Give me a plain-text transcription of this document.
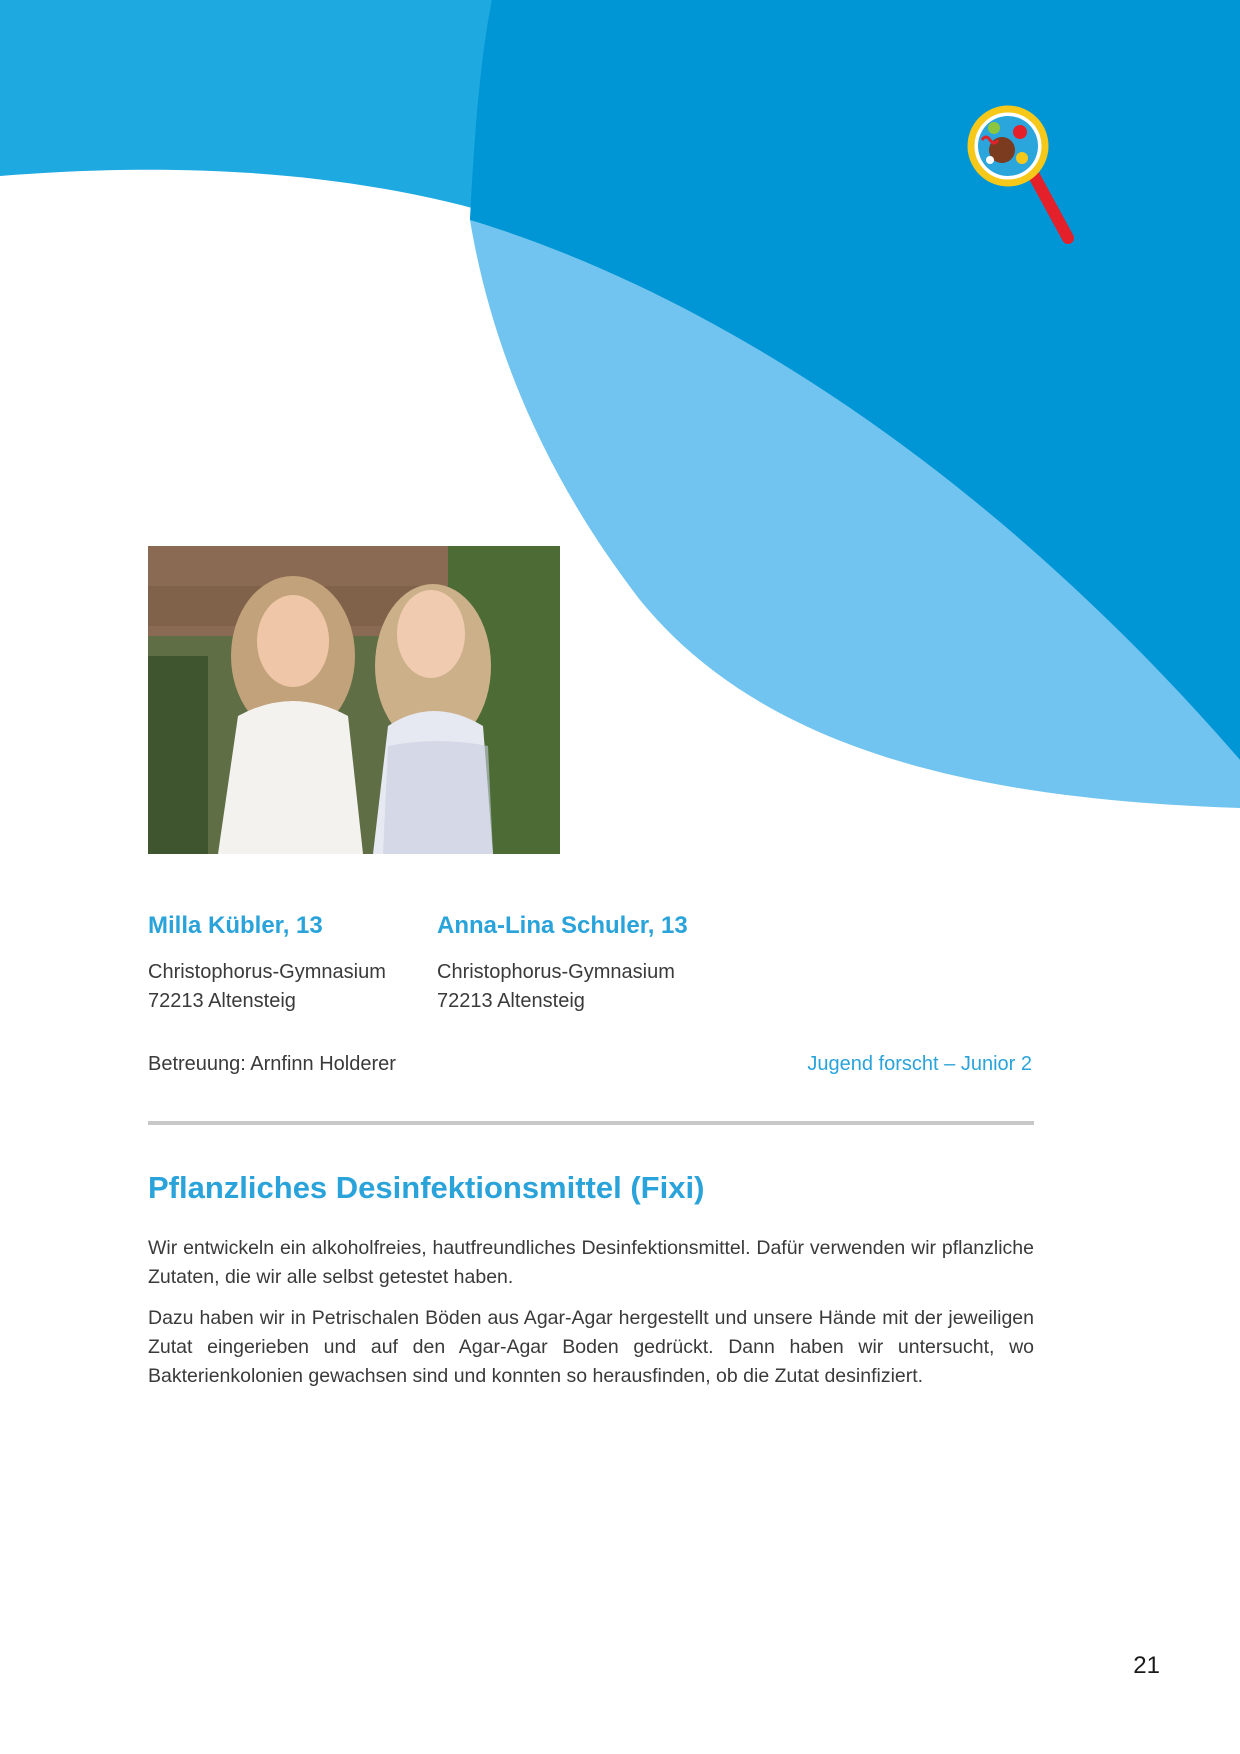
Milla Kübler, 13
Christophorus-Gymnasium
72213 Altensteig
Anna-Lina Schuler, 13
Christophorus-Gymnasium
72213 Altensteig
Betreuung: Arnfinn Holderer	Jugend forscht – Junior 2
Pflanzliches Desinfektionsmittel (Fixi)

Wir entwickeln ein alkoholfreies, hautfreundliches Desinfektionsmittel. Dafür verwenden wir pflanzliche Zutaten, die wir alle selbst getestet haben.

Dazu haben wir in Petrischalen Böden aus Agar-Agar hergestellt und unsere Hände mit der jeweiligen Zutat eingerieben und auf den Agar-Agar Boden gedrückt. Dann haben wir untersucht, wo Bakterienkolonien gewachsen sind und konnten so herausfinden, ob die Zutat desinfiziert.

21
